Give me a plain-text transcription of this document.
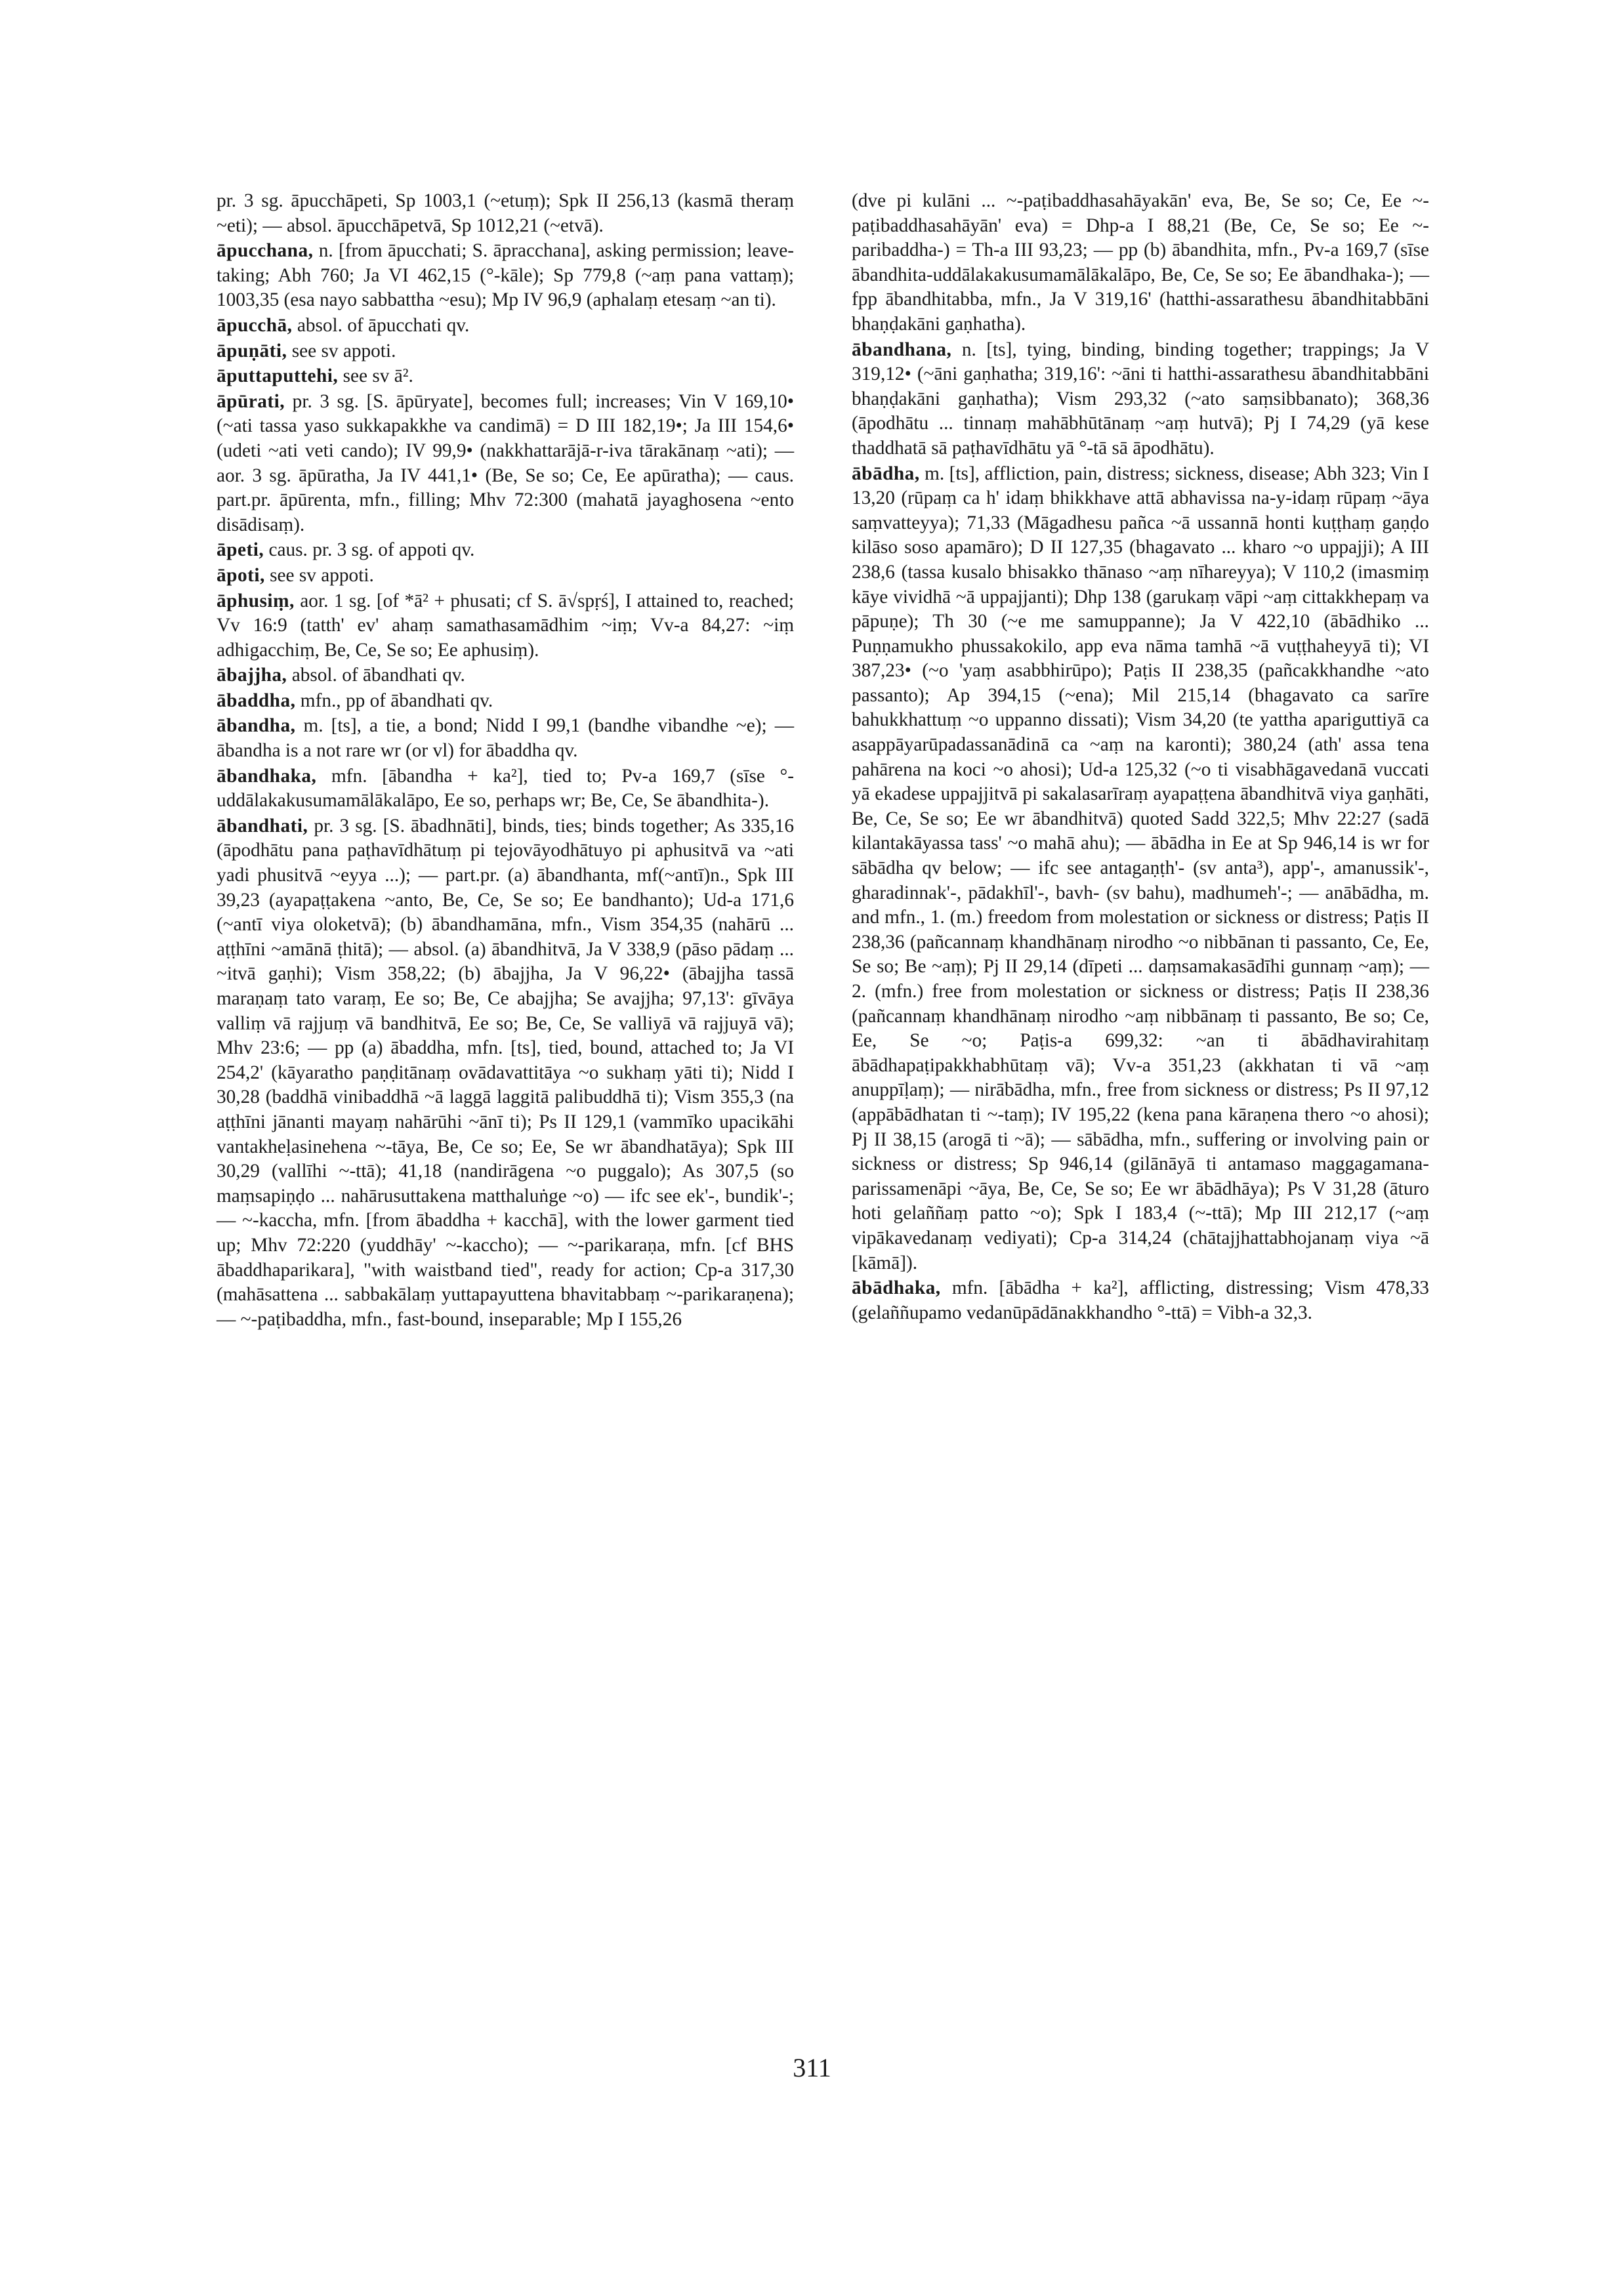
pr. 3 sg. āpucchāpeti, Sp 1003,1 (~etuṃ); Spk II 256,13 (kasmā theraṃ ~eti); — absol. āpucchāpetvā, Sp 1012,21 (~etvā).

āpucchana, n. [from āpucchati; S. āpracchana], asking permission; leave-taking; Abh 760; Ja VI 462,15 (°-kāle); Sp 779,8 (~aṃ pana vattaṃ); 1003,35 (esa nayo sabbattha ~esu); Mp IV 96,9 (aphalaṃ etesaṃ ~an ti).

āpucchā, absol. of āpucchati qv.

āpuṇāti, see sv appoti.

āputtaputtehi, see sv ā².

āpūrati, pr. 3 sg. [S. āpūryate], becomes full; increases; Vin V 169,10• (~ati tassa yaso sukkapakkhe va candimā) = D III 182,19•; Ja III 154,6• (udeti ~ati veti cando); IV 99,9• (nakkhattarājā-r-iva tārakānaṃ ~ati); — aor. 3 sg. āpūratha, Ja IV 441,1• (Be, Se so; Ce, Ee apūratha); — caus. part.pr. āpūrenta, mfn., filling; Mhv 72:300 (mahatā jayaghosena ~ento disādisaṃ).

āpeti, caus. pr. 3 sg. of appoti qv.

āpoti, see sv appoti.

āphusiṃ, aor. 1 sg. [of *ā² + phusati; cf S. ā√spṛś], I attained to, reached; Vv 16:9 (tatth' ev' ahaṃ samathasamādhim ~iṃ; Vv-a 84,27: ~iṃ adhigacchiṃ, Be, Ce, Se so; Ee aphusiṃ).

ābajjha, absol. of ābandhati qv.

ābaddha, mfn., pp of ābandhati qv.

ābandha, m. [ts], a tie, a bond; Nidd I 99,1 (bandhe vibandhe ~e); — ābandha is a not rare wr (or vl) for ābaddha qv.

ābandhaka, mfn. [ābandha + ka²], tied to; Pv-a 169,7 (sīse °-uddālakakusumamālākalāpo, Ee so, perhaps wr; Be, Ce, Se ābandhita-).

ābandhati, pr. 3 sg. [S. ābadhnāti], binds, ties; binds together; As 335,16 (āpodhātu pana paṭhavīdhātuṃ pi tejovāyodhātuyo pi aphusitvā va ~ati yadi phusitvā ~eyya ...); — part.pr. (a) ābandhanta, mf(~antī)n., Spk III 39,23 (ayapaṭṭakena ~anto, Be, Ce, Se so; Ee bandhanto); Ud-a 171,6 (~antī viya oloketvā); (b) ābandhamāna, mfn., Vism 354,35 (nahārū ... aṭṭhīni ~amānā ṭhitā); — absol. (a) ābandhitvā, Ja V 338,9 (pāso pādaṃ ... ~itvā gaṇhi); Vism 358,22; (b) ābajjha, Ja V 96,22• (ābajjha tassā maraṇaṃ tato varaṃ, Ee so; Be, Ce abajjha; Se avajjha; 97,13': gīvāya valliṃ vā rajjuṃ vā bandhitvā, Ee so; Be, Ce, Se valliyā vā rajjuyā vā); Mhv 23:6; — pp (a) ābaddha, mfn. [ts], tied, bound, attached to; Ja VI 254,2' (kāyaratho paṇḍitānaṃ ovādavattitāya ~o sukhaṃ yāti ti); Nidd I 30,28 (baddhā vinibaddhā ~ā laggā laggitā palibuddhā ti); Vism 355,3 (na aṭṭhīni jānanti mayaṃ nahārūhi ~ānī ti); Ps II 129,1 (vammīko upacikāhi vantakheḷasinehena ~-tāya, Be, Ce so; Ee, Se wr ābandhatāya); Spk III 30,29 (vallīhi ~-ttā); 41,18 (nandirāgena ~o puggalo); As 307,5 (so maṃsapiṇḍo ... nahārusuttakena matthaluṅge ~o) — ifc see ek'-, bundik'-; — ~-kaccha, mfn. [from ābaddha + kacchā], with the lower garment tied up; Mhv 72:220 (yuddhāy' ~-kaccho); — ~-parikaraṇa, mfn. [cf BHS ābaddhaparikara], "with waistband tied", ready for action; Cp-a 317,30 (mahāsattena ... sabbakālaṃ yuttapayuttena bhavitabbaṃ ~-parikaraṇena); — ~-paṭibaddha, mfn., fast-bound, inseparable; Mp I 155,26

(dve pi kulāni ... ~-paṭibaddhasahāyakān' eva, Be, Se so; Ce, Ee ~-paṭibaddhasahāyān' eva) = Dhp-a I 88,21 (Be, Ce, Se so; Ee ~-paribaddha-) = Th-a III 93,23; — pp (b) ābandhita, mfn., Pv-a 169,7 (sīse ābandhita-uddālakakusumamālākalāpo, Be, Ce, Se so; Ee ābandhaka-); — fpp ābandhitabba, mfn., Ja V 319,16' (hatthi-assarathesu ābandhitabbāni bhaṇḍakāni gaṇhatha).

ābandhana, n. [ts], tying, binding, binding together; trappings; Ja V 319,12• (~āni gaṇhatha; 319,16': ~āni ti hatthi-assarathesu ābandhitabbāni bhaṇḍakāni gaṇhatha); Vism 293,32 (~ato saṃsibbanato); 368,36 (āpodhātu ... tinnaṃ mahābhūtānaṃ ~aṃ hutvā); Pj I 74,29 (yā kese thaddhatā sā paṭhavīdhātu yā °-tā sā āpodhātu).

ābādha, m. [ts], affliction, pain, distress; sickness, disease; Abh 323; Vin I 13,20 (rūpaṃ ca h' idaṃ bhikkhave attā abhavissa na-y-idaṃ rūpaṃ ~āya saṃvatteyya); 71,33 (Māgadhesu pañca ~ā ussannā honti kuṭṭhaṃ gaṇḍo kilāso soso apamāro); D II 127,35 (bhagavato ... kharo ~o uppajji); A III 238,6 (tassa kusalo bhisakko thānaso ~aṃ nīhareyya); V 110,2 (imasmiṃ kāye vividhā ~ā uppajjanti); Dhp 138 (garukaṃ vāpi ~aṃ cittakkhepaṃ va pāpuṇe); Th 30 (~e me samuppanne); Ja V 422,10 (ābādhiko ... Puṇṇamukho phussakokilo, app eva nāma tamhā ~ā vuṭṭhaheyyā ti); VI 387,23• (~o 'yaṃ asabbhirūpo); Paṭis II 238,35 (pañcakkhandhe ~ato passanto); Ap 394,15 (~ena); Mil 215,14 (bhagavato ca sarīre bahukkhattuṃ ~o uppanno dissati); Vism 34,20 (te yattha apariguttiyā ca asappāyarūpadassanādinā ca ~aṃ na karonti); 380,24 (ath' assa tena pahārena na koci ~o ahosi); Ud-a 125,32 (~o ti visabhāgavedanā vuccati yā ekadese uppajjitvā pi sakalasarīraṃ ayapaṭṭena ābandhitvā viya gaṇhāti, Be, Ce, Se so; Ee wr ābandhitvā) quoted Sadd 322,5; Mhv 22:27 (sadā kilantakāyassa tass' ~o mahā ahu); — ābādha in Ee at Sp 946,14 is wr for sābādha qv below; — ifc see antagaṇṭh'- (sv anta³), app'-, amanussik'-, gharadinnak'-, pādakhīl'-, bavh- (sv bahu), madhumeh'-; — anābādha, m. and mfn., 1. (m.) freedom from molestation or sickness or distress; Paṭis II 238,36 (pañcannaṃ khandhānaṃ nirodho ~o nibbānan ti passanto, Ce, Ee, Se so; Be ~aṃ); Pj II 29,14 (dīpeti ... daṃsamakasādīhi gunnaṃ ~aṃ); — 2. (mfn.) free from molestation or sickness or distress; Paṭis II 238,36 (pañcannaṃ khandhānaṃ nirodho ~aṃ nibbānaṃ ti passanto, Be so; Ce, Ee, Se ~o; Paṭis-a 699,32: ~an ti ābādhavirahitaṃ ābādhapaṭipakkhabhūtaṃ vā); Vv-a 351,23 (akkhatan ti vā ~aṃ anuppīḷaṃ); — nirābādha, mfn., free from sickness or distress; Ps II 97,12 (appābādhatan ti ~-taṃ); IV 195,22 (kena pana kāraṇena thero ~o ahosi); Pj II 38,15 (arogā ti ~ā); — sābādha, mfn., suffering or involving pain or sickness or distress; Sp 946,14 (gilānāyā ti antamaso maggagamana-parissamenāpi ~āya, Be, Ce, Se so; Ee wr ābādhāya); Ps V 31,28 (āturo hoti gelaññaṃ patto ~o); Spk I 183,4 (~-ttā); Mp III 212,17 (~aṃ vipākavedanaṃ vediyati); Cp-a 314,24 (chātajjhattabhojanaṃ viya ~ā [kāmā]).

ābādhaka, mfn. [ābādha + ka²], afflicting, distressing; Vism 478,33 (gelaññupamo vedanūpādānakkhandho °-ttā) = Vibh-a 32,3.

311
